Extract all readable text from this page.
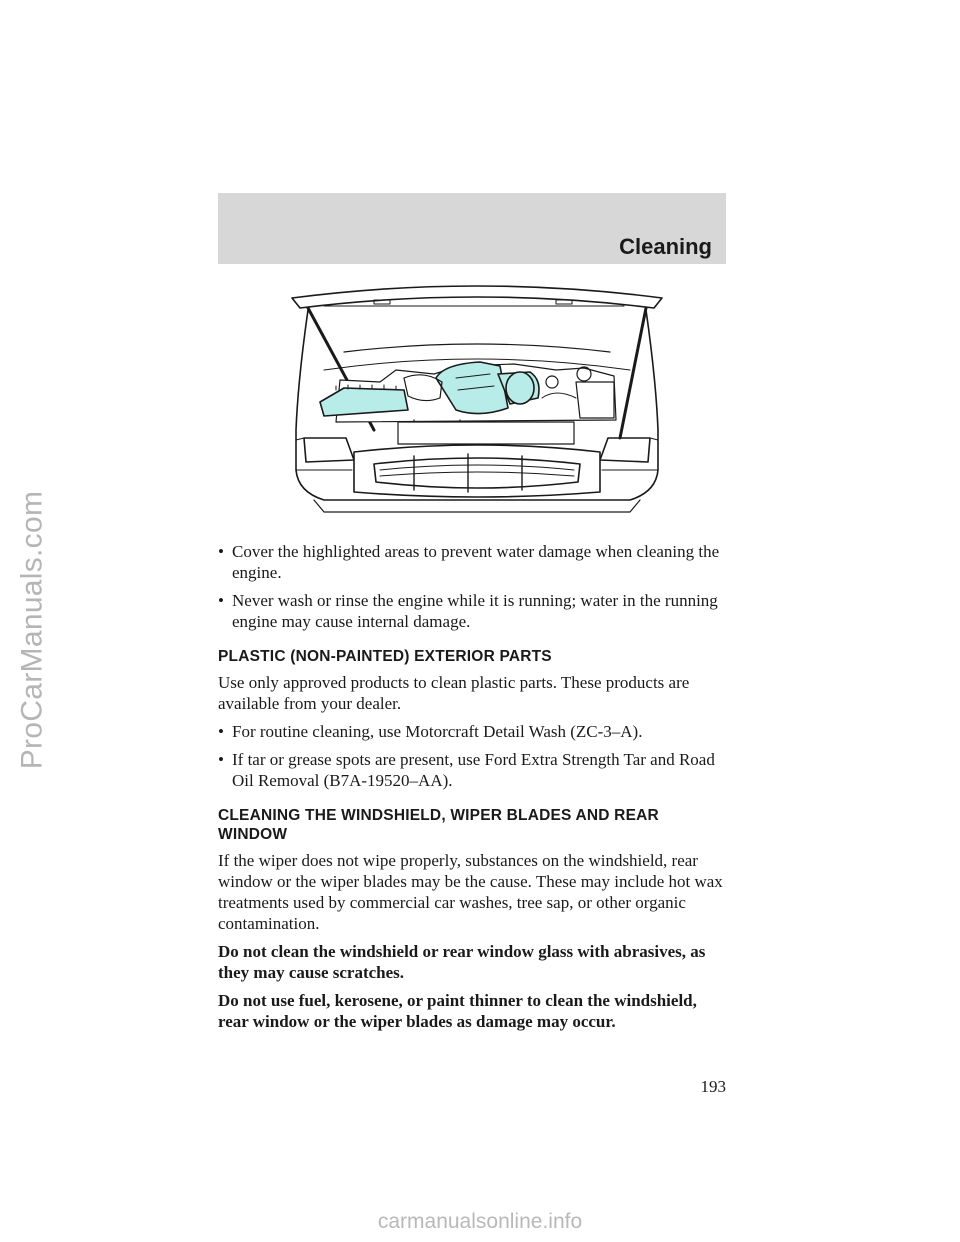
ProCarManuals.com
Cleaning
• Cover the highlighted areas to prevent water damage when cleaning the engine.
• Never wash or rinse the engine while it is running; water in the running engine may cause internal damage.
PLASTIC (NON-PAINTED) EXTERIOR PARTS

Use only approved products to clean plastic parts. These products are available from your dealer.

• For routine cleaning, use Motorcraft Detail Wash (ZC-3–A).
• If tar or grease spots are present, use Ford Extra Strength Tar and Road Oil Removal (B7A-19520–AA).
CLEANING THE WINDSHIELD, WIPER BLADES AND REAR WINDOW

If the wiper does not wipe properly, substances on the windshield, rear window or the wiper blades may be the cause. These may include hot wax treatments used by commercial car washes, tree sap, or other organic contamination.

Do not clean the windshield or rear window glass with abrasives, as they may cause scratches.

Do not use fuel, kerosene, or paint thinner to clean the windshield, rear window or the wiper blades as damage may occur.

193
carmanualsonline.info
